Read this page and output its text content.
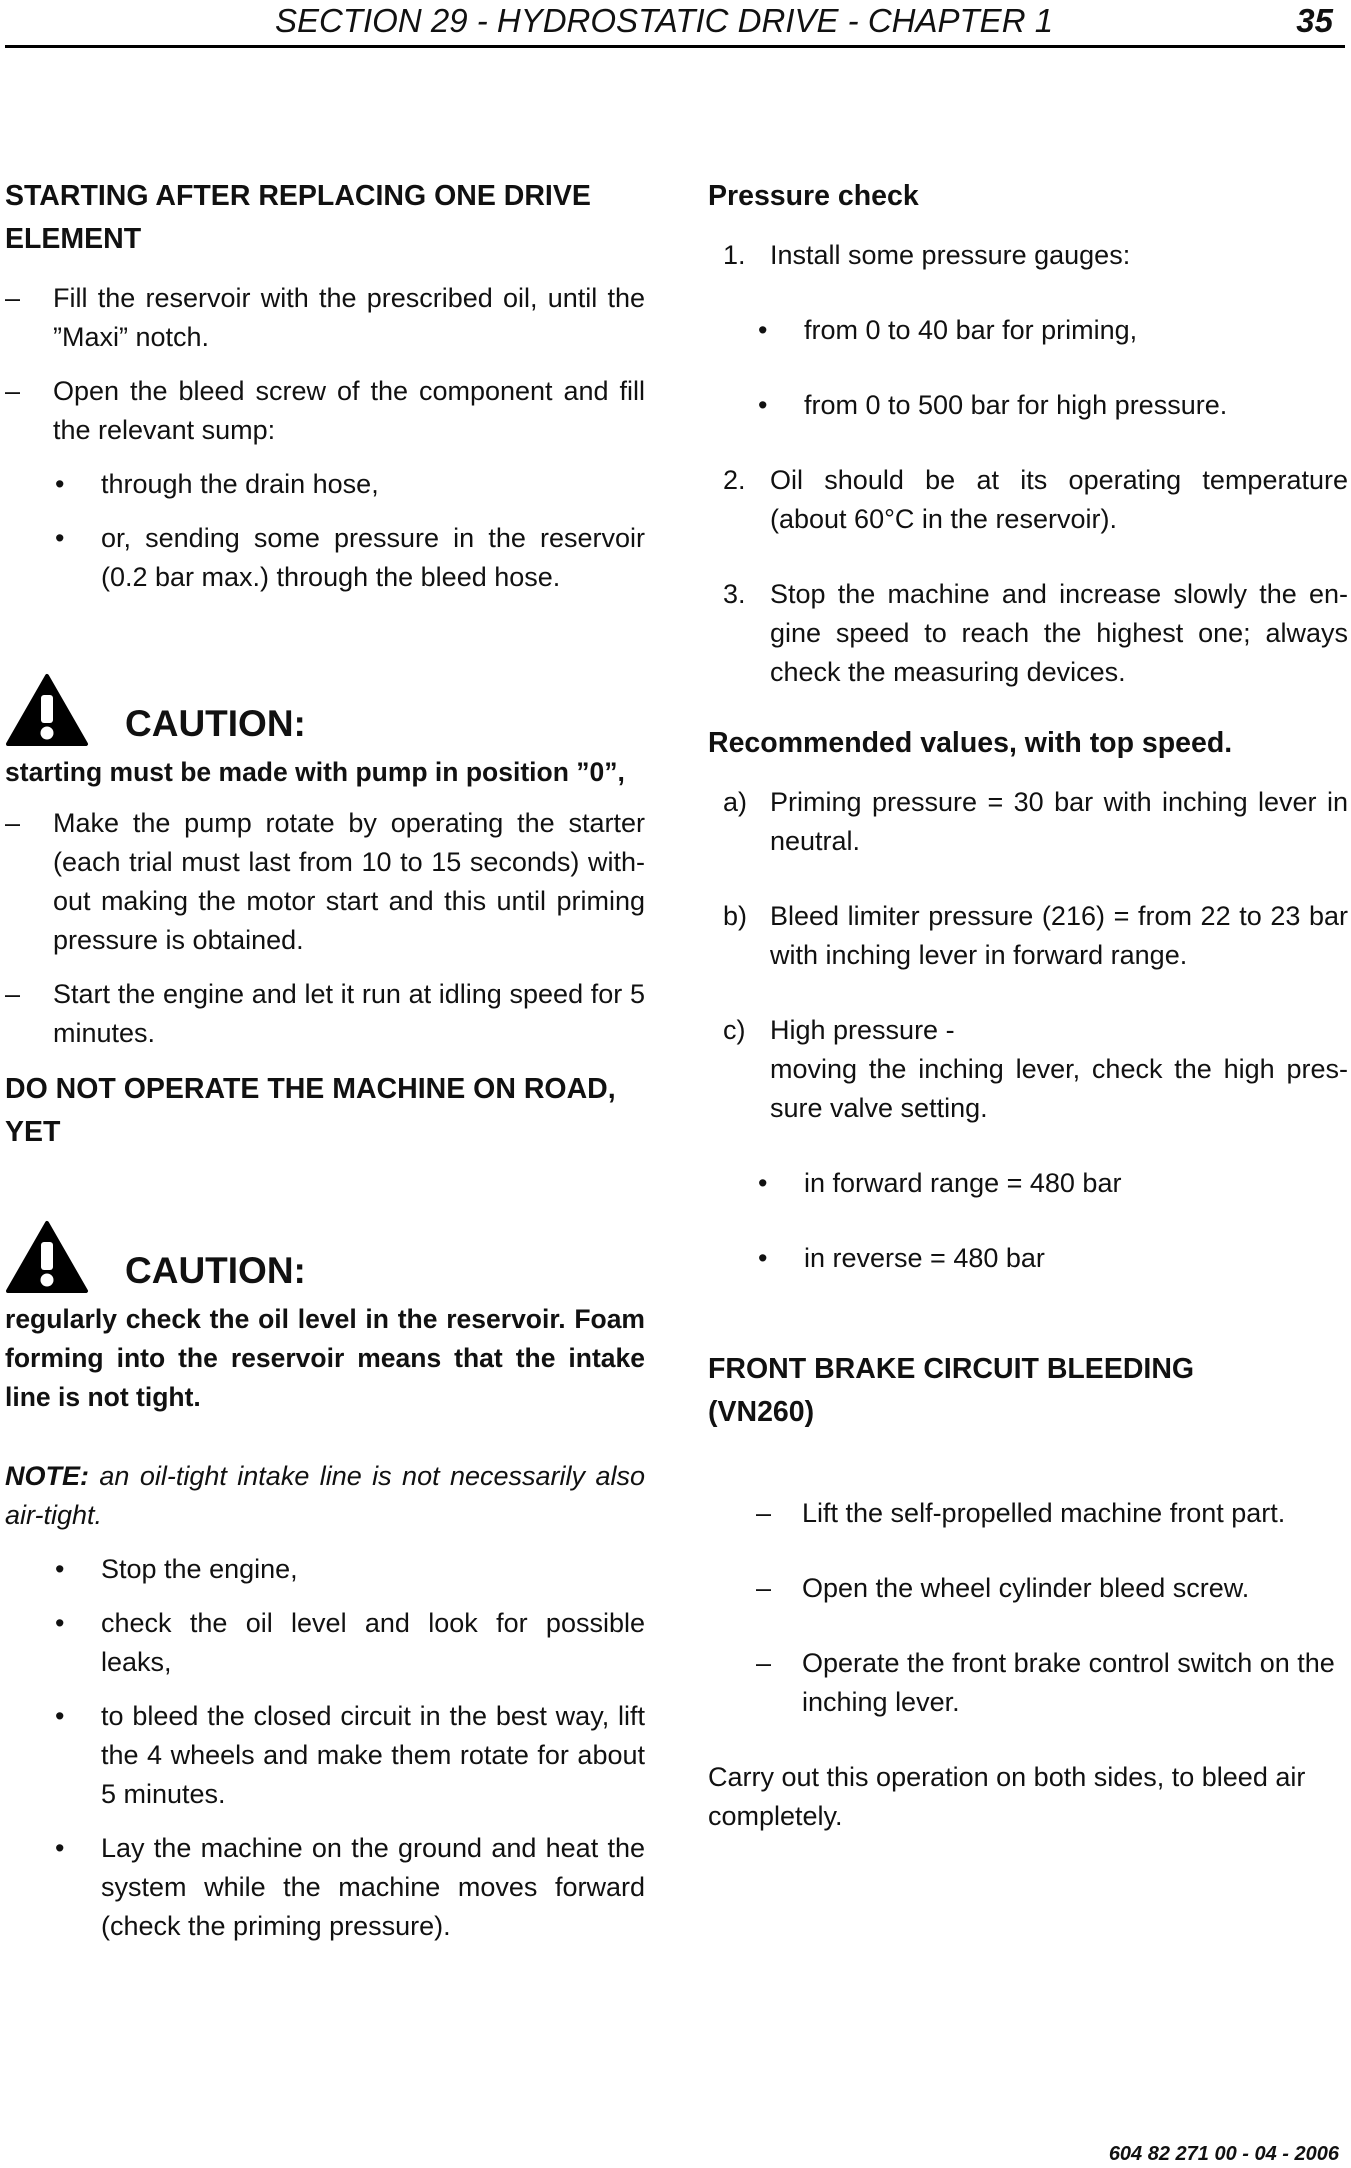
SECTION 29 - HYDROSTATIC DRIVE - CHAPTER 1	35
STARTING AFTER REPLACING ONE DRIVE ELEMENT
–	Fill the reservoir with the prescribed oil, until the ”Maxi” notch.
–	Open the bleed screw of the component and fill the relevant sump:
•	through the drain hose,
•	or, sending some pressure in the reservoir (0.2 bar max.) through the bleed hose.
CAUTION:

starting must be made with pump in position ”0”,

–	Make the pump rotate by operating the starter (each trial must last from 10 to 15 seconds) with-out making the motor start and this until priming pressure is obtained.
–	Start the engine and let it run at idling speed for 5 minutes.

DO NOT OPERATE THE MACHINE ON ROAD, YET

CAUTION:

regularly check the oil level in the reservoir. Foam forming into the reservoir means that the intake line is not tight.

NOTE: an oil-tight intake line is not necessarily also air-tight.

•	Stop the engine,
•	check the oil level and look for possible leaks,
•	to bleed the closed circuit in the best way, lift the 4 wheels and make them rotate for about 5 minutes.
•	Lay the machine on the ground and heat the system while the machine moves forward (check the priming pressure).
Pressure check
1. Install some pressure gauges:
•	from 0 to 40 bar for priming,
•	from 0 to 500 bar for high pressure.
2. Oil should be at its operating temperature (about 60°C in the reservoir).
3. Stop the machine and increase slowly the en-gine speed to reach the highest one; always check the measuring devices.
Recommended values, with top speed.
a) Priming pressure = 30 bar with inching lever in neutral.
b) Bleed limiter pressure (216) = from 22 to 23 bar with inching lever in forward range.
c) High pressure -
moving the inching lever, check the high pres-sure valve setting.
•	in forward range = 480 bar
•	in reverse = 480 bar
FRONT BRAKE CIRCUIT BLEEDING (VN260)
–	Lift the self-propelled machine front part.
–	Open the wheel cylinder bleed screw.
–	Operate the front brake control switch on the inching lever.

Carry out this operation on both sides, to bleed air completely.

604 82 271 00 - 04 - 2006
